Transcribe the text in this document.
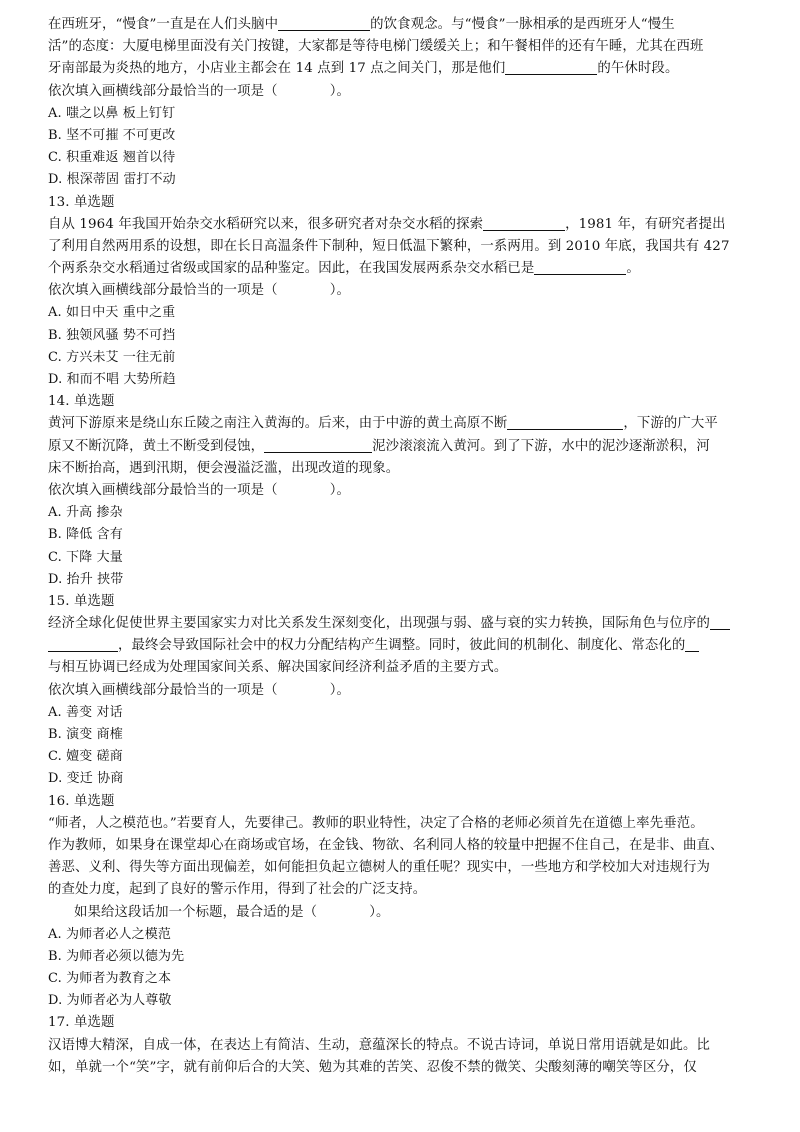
在西班牙，“慢食”一直是在人们头脑中	的饮食观念。与“慢食”一脉相承的是西班牙人“慢生
活”的态度：大厦电梯里面没有关门按键，大家都是等待电梯门缓缓关上；和午餐相伴的还有午睡，尤其在西班
牙南部最为炎热的地方，小店业主都会在 14 点到 17 点之间关门，那是他们	的午休时段。
依次填入画横线部分最恰当的一项是（	）。
A. 嗤之以鼻 板上钉钉
B. 坚不可摧 不可更改
C. 积重难返 翘首以待
D. 根深蒂固 雷打不动
13. 单选题
自从 1964 年我国开始杂交水稻研究以来，很多研究者对杂交水稻的探索	，1981 年，有研究者提出
了利用自然两用系的设想，即在长日高温条件下制种，短日低温下繁种，一系两用。到 2010 年底，我国共有 427
个两系杂交水稻通过省级或国家的品种鉴定。因此，在我国发展两系杂交水稻已是	。
依次填入画横线部分最恰当的一项是（	）。
A. 如日中天 重中之重
B. 独领风骚 势不可挡
C. 方兴未艾 一往无前
D. 和而不唱 大势所趋
14. 单选题
黄河下游原来是绕山东丘陵之南注入黄海的。后来，由于中游的黄土高原不断	，下游的广大平
原又不断沉降，黄土不断受到侵蚀，	泥沙滚滚流入黄河。到了下游，水中的泥沙逐渐淤积，河
床不断抬高，遇到汛期，便会漫溢泛滥，出现改道的现象。
依次填入画横线部分最恰当的一项是（	）。
A. 升高 掺杂
B. 降低 含有
C. 下降 大量
D. 抬升 挟带
15. 单选题
经济全球化促使世界主要国家实力对比关系发生深刻变化，出现强与弱、盛与衰的实力转换，国际角色与位序的
，最终会导致国际社会中的权力分配结构产生调整。同时，彼此间的机制化、制度化、常态化的
与相互协调已经成为处理国家间关系、解决国家间经济利益矛盾的主要方式。
依次填入画横线部分最恰当的一项是（	）。
A. 善变 对话
B. 演变 商榷
C. 嬗变 磋商
D. 变迁 协商
16. 单选题
“师者，人之模范也。”若要育人，先要律己。教师的职业特性，决定了合格的老师必须首先在道德上率先垂范。
作为教师，如果身在课堂却心在商场或官场，在金钱、物欲、名利同人格的较量中把握不住自己，在是非、曲直、
善恶、义利、得失等方面出现偏差，如何能担负起立德树人的重任呢？现实中，一些地方和学校加大对违规行为
的查处力度，起到了良好的警示作用，得到了社会的广泛支持。
如果给这段话加一个标题，最合适的是（	）。
A. 为师者必人之模范
B. 为师者必须以德为先
C. 为师者为教育之本
D. 为师者必为人尊敬
17. 单选题
汉语博大精深，自成一体，在表达上有简洁、生动，意蕴深长的特点。不说古诗词，单说日常用语就是如此。比
如，单就一个“笑”字，就有前仰后合的大笑、勉为其难的苦笑、忍俊不禁的微笑、尖酸刻薄的嘲笑等区分，仅
